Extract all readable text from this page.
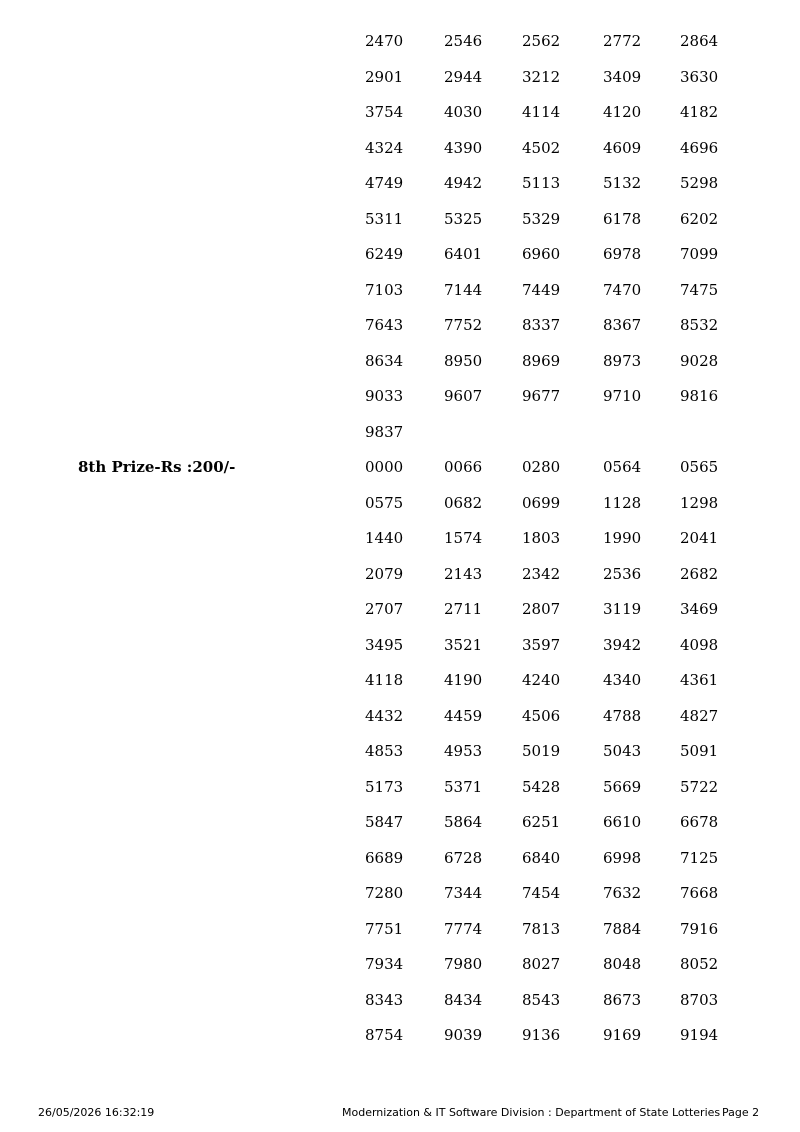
2470	2546	2562	2772	2864
2901	2944	3212	3409	3630
3754	4030	4114	4120	4182
4324	4390	4502	4609	4696
4749	4942	5113	5132	5298
5311	5325	5329	6178	6202
6249	6401	6960	6978	7099
7103	7144	7449	7470	7475
7643	7752	8337	8367	8532
8634	8950	8969	8973	9028
9033	9607	9677	9710	9816
9837
8th Prize-Rs :200/-	0000	0066	0280	0564	0565
0575	0682	0699	1128	1298
1440	1574	1803	1990	2041
2079	2143	2342	2536	2682
2707	2711	2807	3119	3469
3495	3521	3597	3942	4098
4118	4190	4240	4340	4361
4432	4459	4506	4788	4827
4853	4953	5019	5043	5091
5173	5371	5428	5669	5722
5847	5864	6251	6610	6678
6689	6728	6840	6998	7125
7280	7344	7454	7632	7668
7751	7774	7813	7884	7916
7934	7980	8027	8048	8052
8343	8434	8543	8673	8703
8754	9039	9136	9169	9194
26/05/2026 16:32:19	Modernization & IT Software Division : Department of State Lotteries Page 2
